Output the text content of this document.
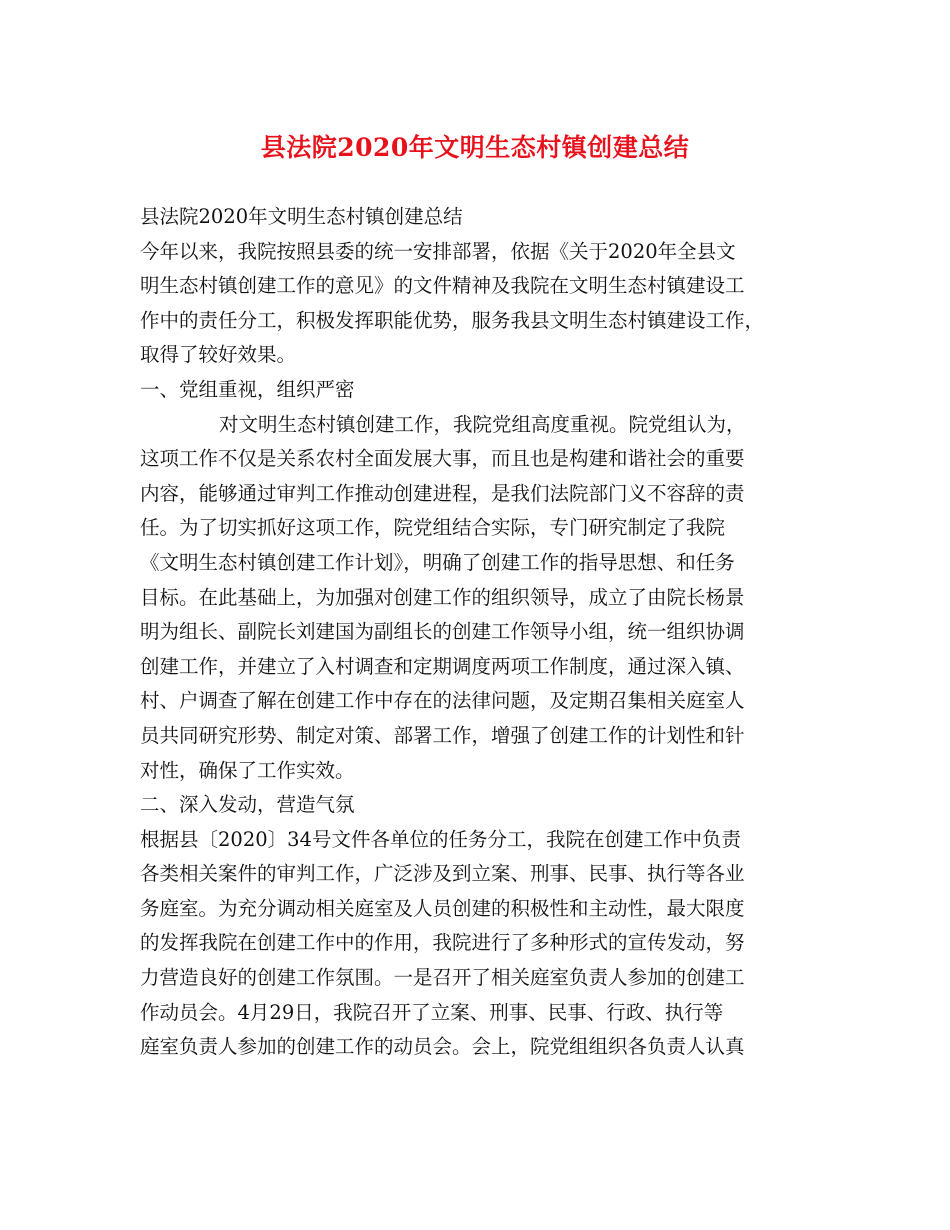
县法院2020年文明生态村镇创建总结

县法院2020年文明生态村镇创建总结

今年以来，我院按照县委的统一安排部署，依据《关于2020年全县文

明生态村镇创建工作的意见》的文件精神及我院在文明生态村镇建设工

作中的责任分工，积极发挥职能优势，服务我县文明生态村镇建设工作，

取得了较好效果。

一、党组重视，组织严密

对文明生态村镇创建工作，我院党组高度重视。院党组认为，

这项工作不仅是关系农村全面发展大事，而且也是构建和谐社会的重要

内容，能够通过审判工作推动创建进程，是我们法院部门义不容辞的责

任。为了切实抓好这项工作，院党组结合实际，专门研究制定了我院

《文明生态村镇创建工作计划》，明确了创建工作的指导思想、和任务

目标。在此基础上，为加强对创建工作的组织领导，成立了由院长杨景

明为组长、副院长刘建国为副组长的创建工作领导小组，统一组织协调

创建工作，并建立了入村调查和定期调度两项工作制度，通过深入镇、

村、户调查了解在创建工作中存在的法律问题，及定期召集相关庭室人

员共同研究形势、制定对策、部署工作，增强了创建工作的计划性和针

对性，确保了工作实效。

二、深入发动，营造气氛

根据县〔2020〕34号文件各单位的任务分工，我院在创建工作中负责

各类相关案件的审判工作，广泛涉及到立案、刑事、民事、执行等各业

务庭室。为充分调动相关庭室及人员创建的积极性和主动性，最大限度

的发挥我院在创建工作中的作用，我院进行了多种形式的宣传发动，努

力营造良好的创建工作氛围。一是召开了相关庭室负责人参加的创建工

作动员会。4月29日，我院召开了立案、刑事、民事、行政、执行等

庭室负责人参加的创建工作的动员会。会上，院党组组织各负责人认真
